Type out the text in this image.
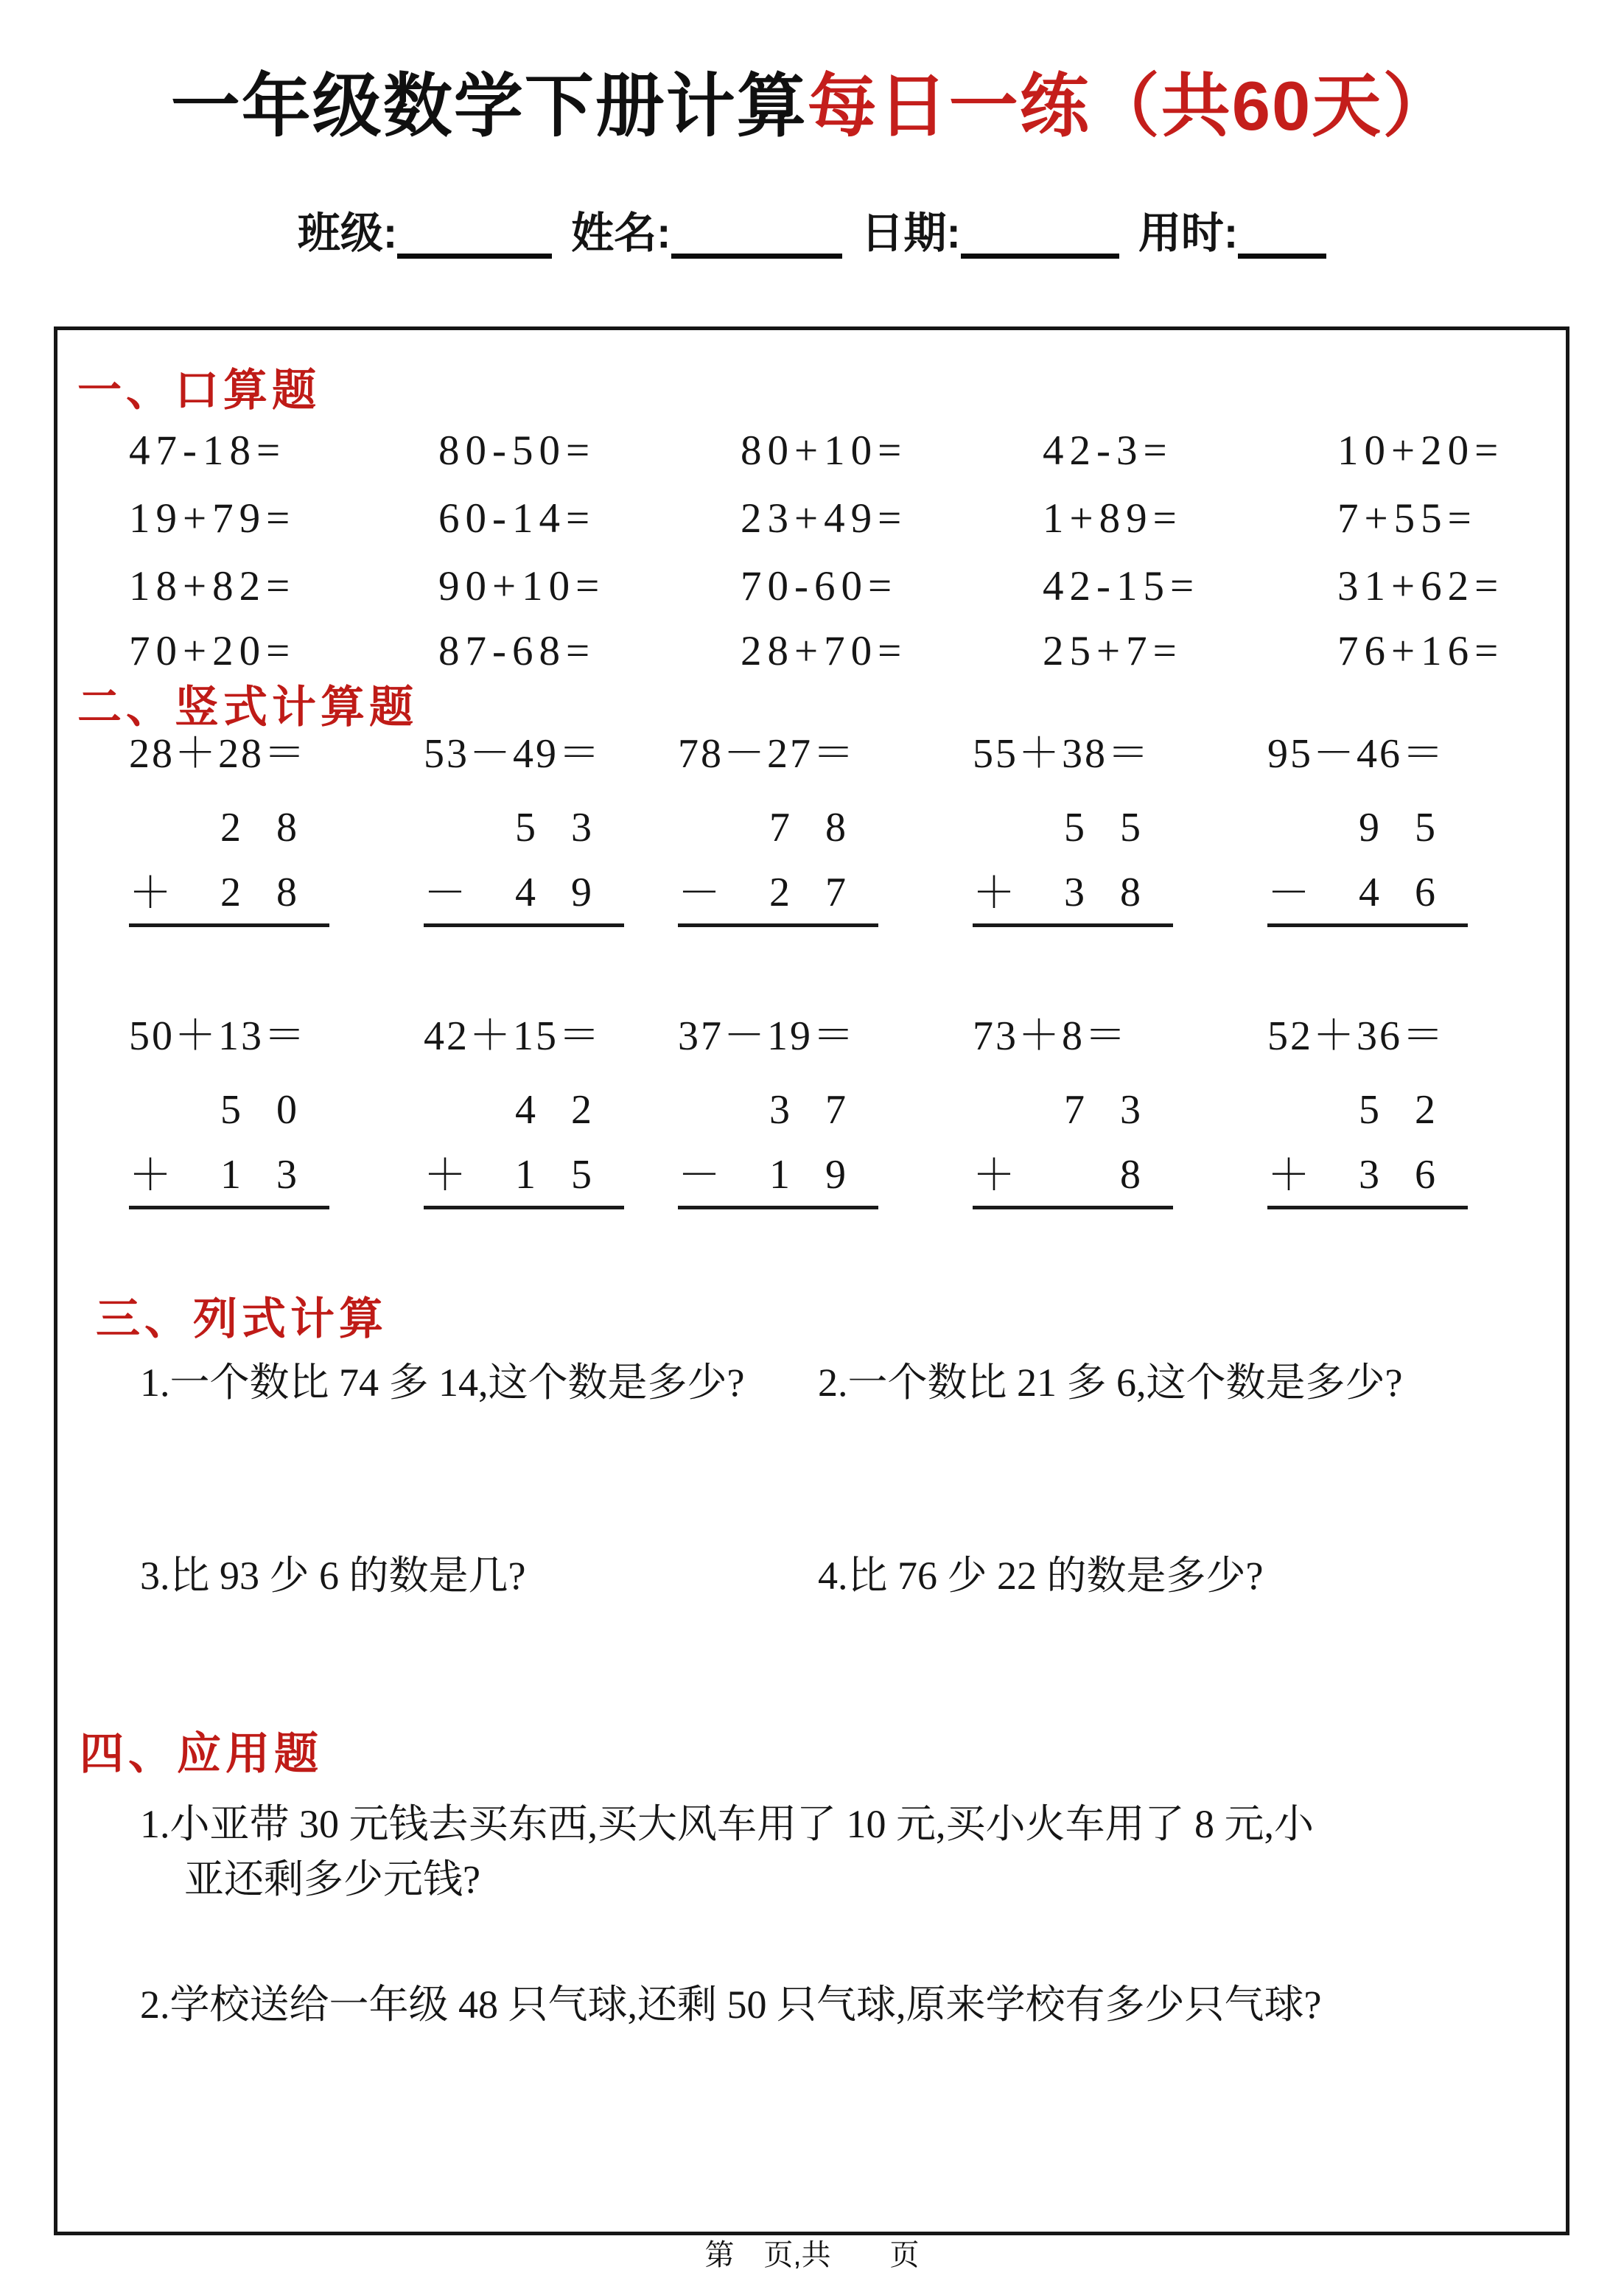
一年级数学下册计算每日一练（共60天）
班级:	姓名:	日期:	用时:
一、口算题
47-18=	80-50=	80+10=	42-3=	10+20=
19+79=	60-14=	23+49=	1+89=	7+55=
18+82=	90+10=	70-60=	42-15=	31+62=
70+20=	87-68=	28+70=	25+7=	76+16=
二、竖式计算题
28＋28＝
2 8
＋	2 8
53－49＝
5 3
－	4 9
78－27＝
7 8
－	2 7
55＋38＝
5 5
＋	3 8
95－46＝
9 5
－	4 6
50＋13＝
5 0
＋	1 3
42＋15＝
4 2
＋	1 5
37－19＝
3 7
－	1 9
73＋8＝
7 3
＋	8
52＋36＝
5 2
＋	3 6
三、列式计算
1.一个数比 74 多 14,这个数是多少? 2.一个数比 21 多 6,这个数是多少?
3.比 93 少 6 的数是几?	4.比 76 少 22 的数是多少?
四、应用题
1.小亚带 30 元钱去买东西,买大风车用了 10 元,买小火车用了 8 元,小
亚还剩多少元钱?
2.学校送给一年级 48 只气球,还剩 50 只气球,原来学校有多少只气球?
第　页,共　　页
